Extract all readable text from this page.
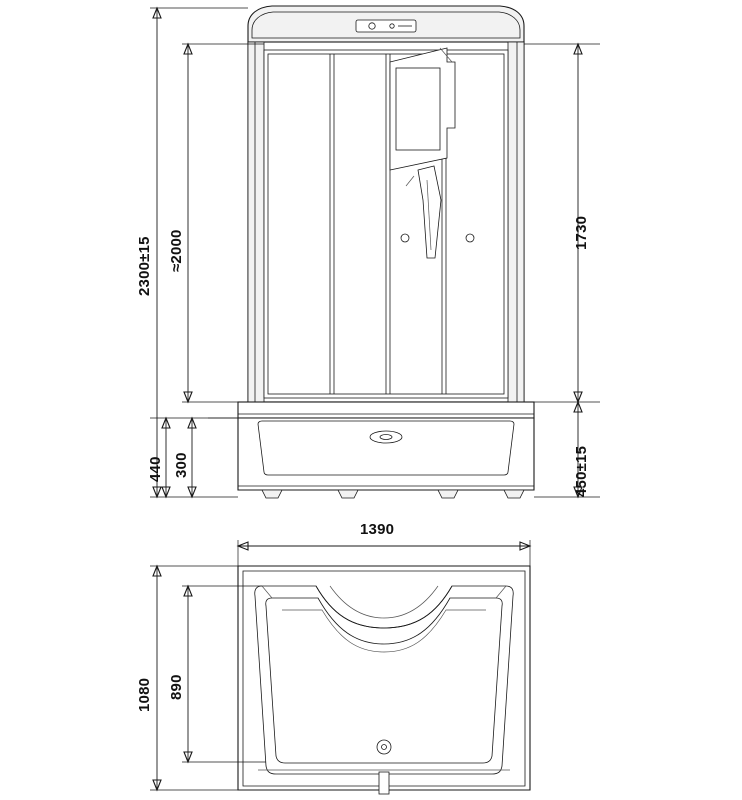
2300±15 ≈2000
440 300
1730
450±15
1390
1080 890
